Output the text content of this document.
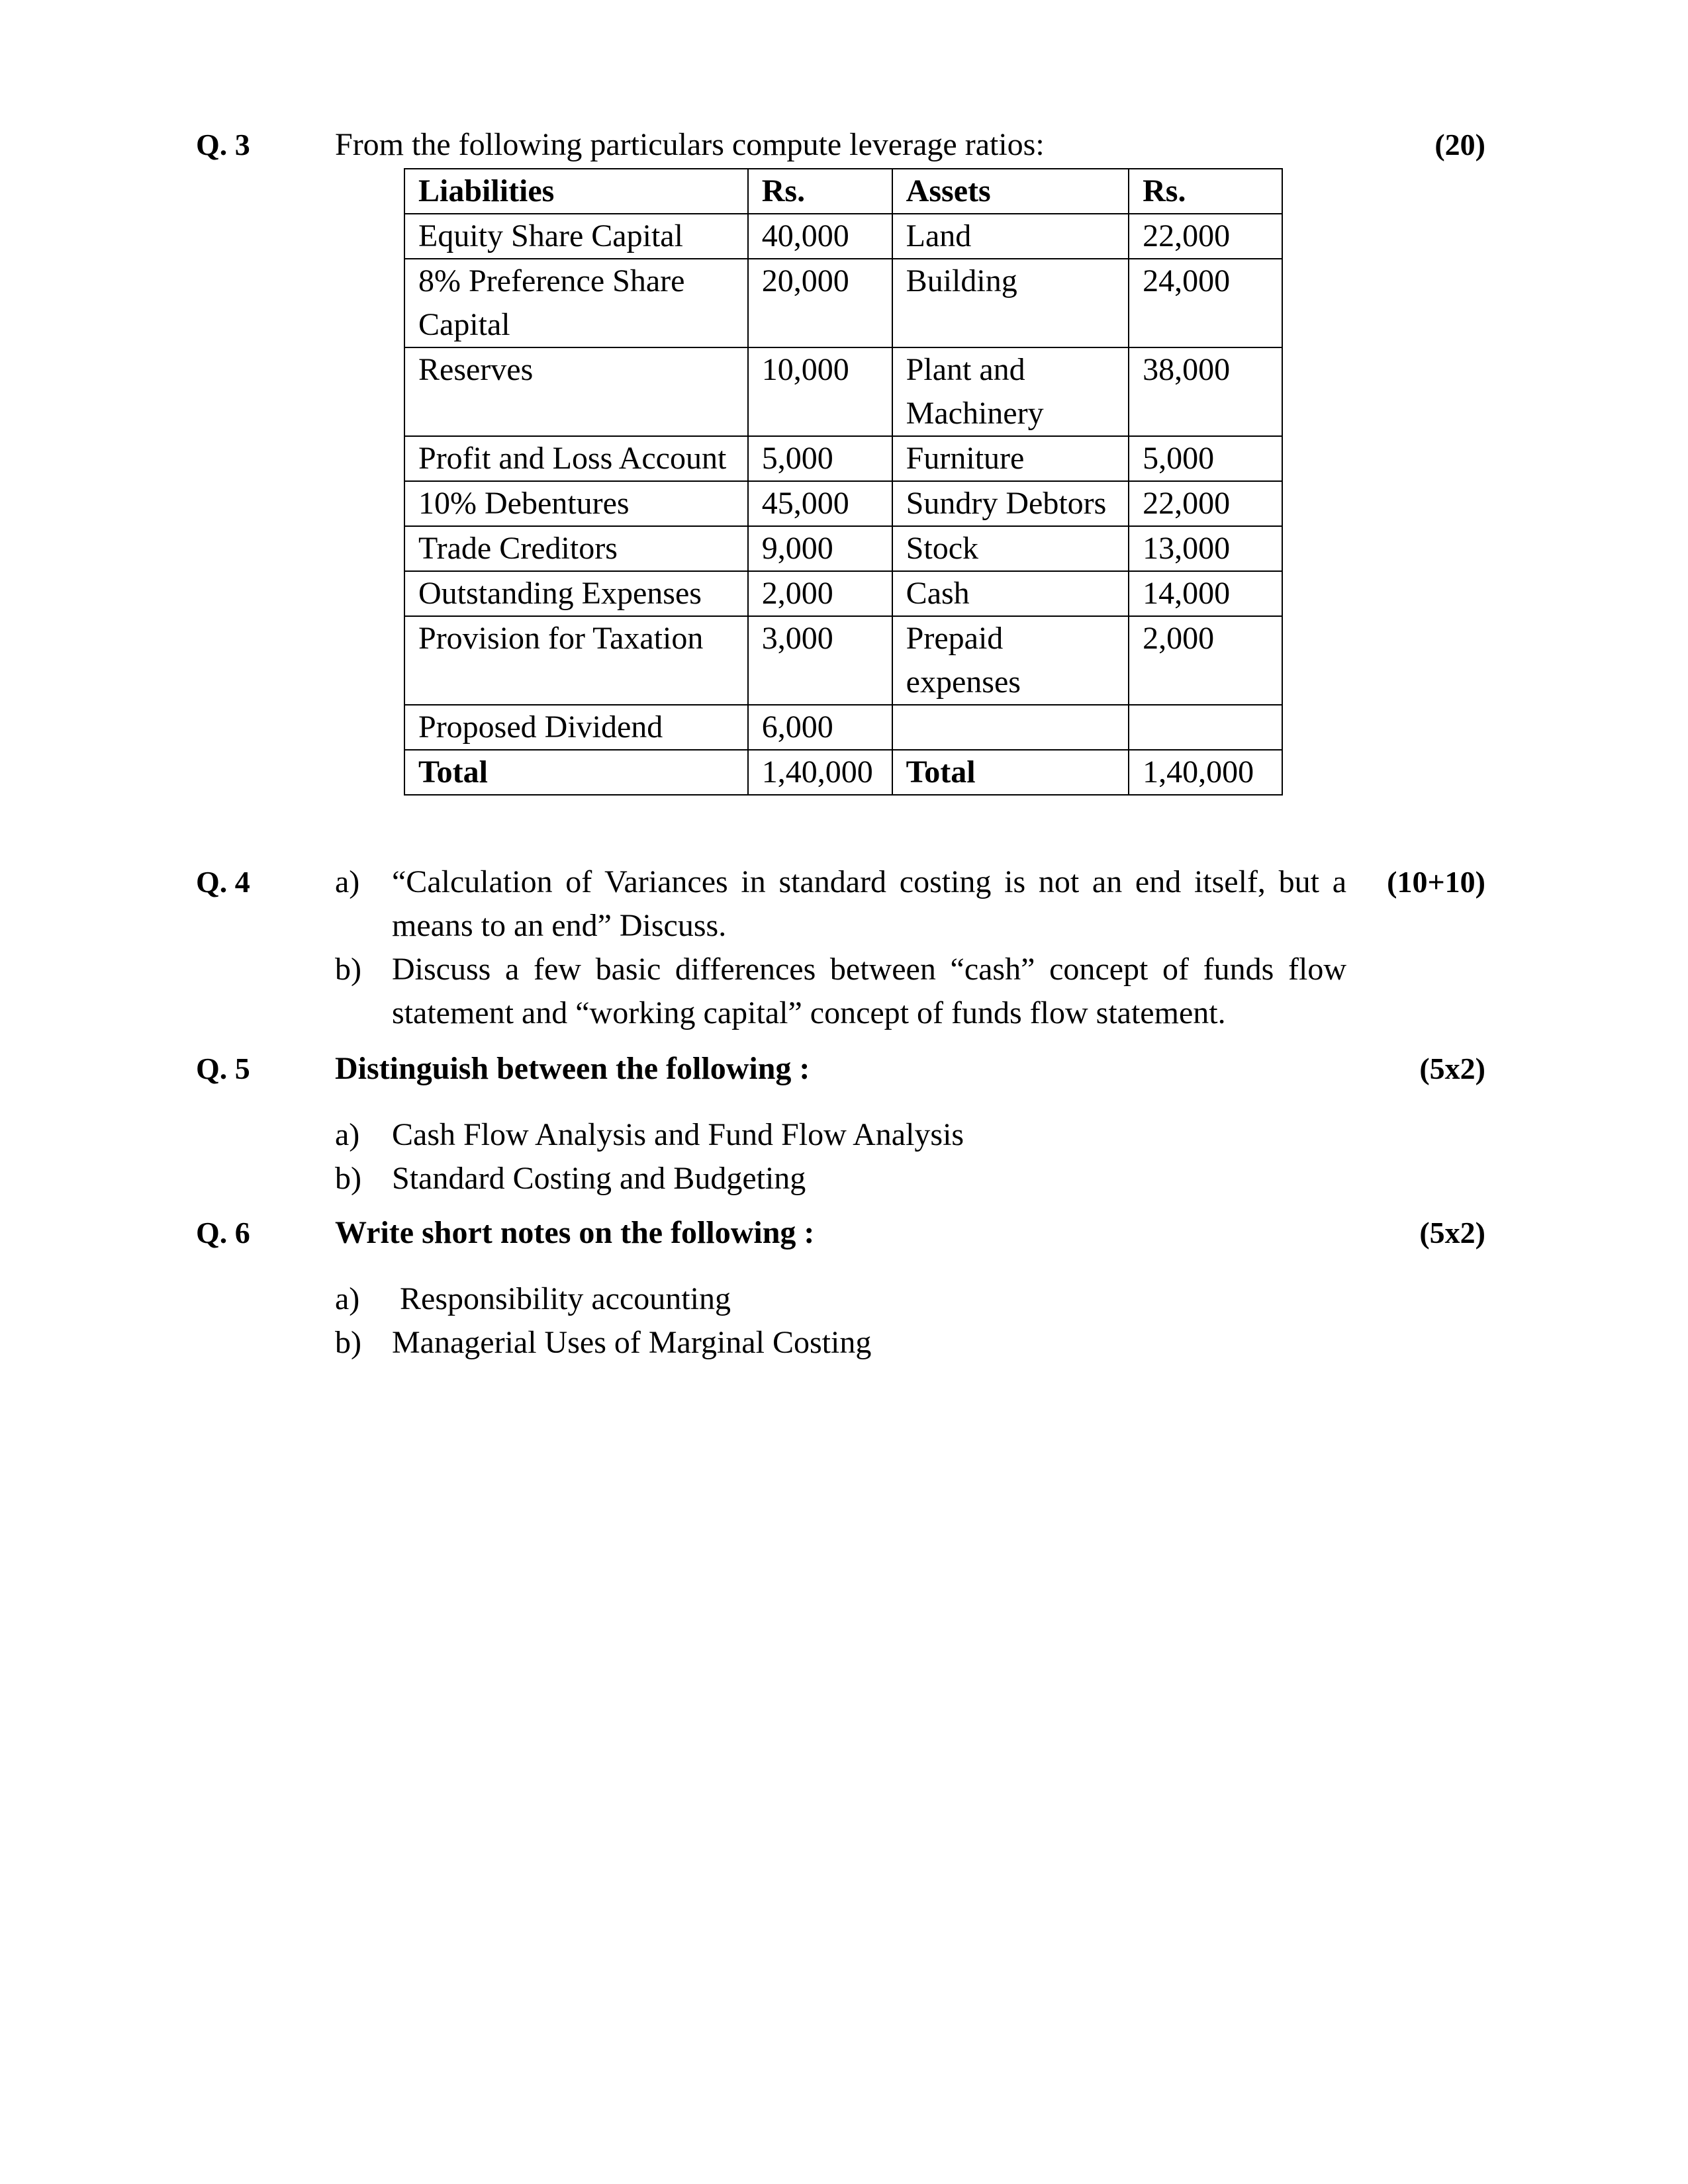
Q. 3	From the following particulars compute leverage ratios:	(20)
Liabilities	Rs.	Assets	Rs.
Equity Share Capital	40,000	Land	22,000
8% Preference Share Capital	20,000	Building	24,000
Reserves	10,000	Plant and Machinery	38,000
Profit and Loss Account	5,000	Furniture	5,000
10% Debentures	45,000	Sundry Debtors	22,000
Trade Creditors	9,000	Stock	13,000
Outstanding Expenses	2,000	Cash	14,000
Provision for Taxation	3,000	Prepaid expenses	2,000
Proposed Dividend	6,000		
Total	1,40,000	Total	1,40,000
Q. 4	(10+10)
a) “Calculation of Variances in standard costing is not an end itself, but a means to an end” Discuss.
b) Discuss a few basic differences between “cash” concept of funds flow statement and “working capital” concept of funds flow statement.
Q. 5	Distinguish between the following :	(5x2)
a) Cash Flow Analysis and Fund Flow Analysis
b) Standard Costing and Budgeting
Q. 6	Write short notes on the following :	(5x2)
a) Responsibility accounting
b) Managerial Uses of Marginal Costing
